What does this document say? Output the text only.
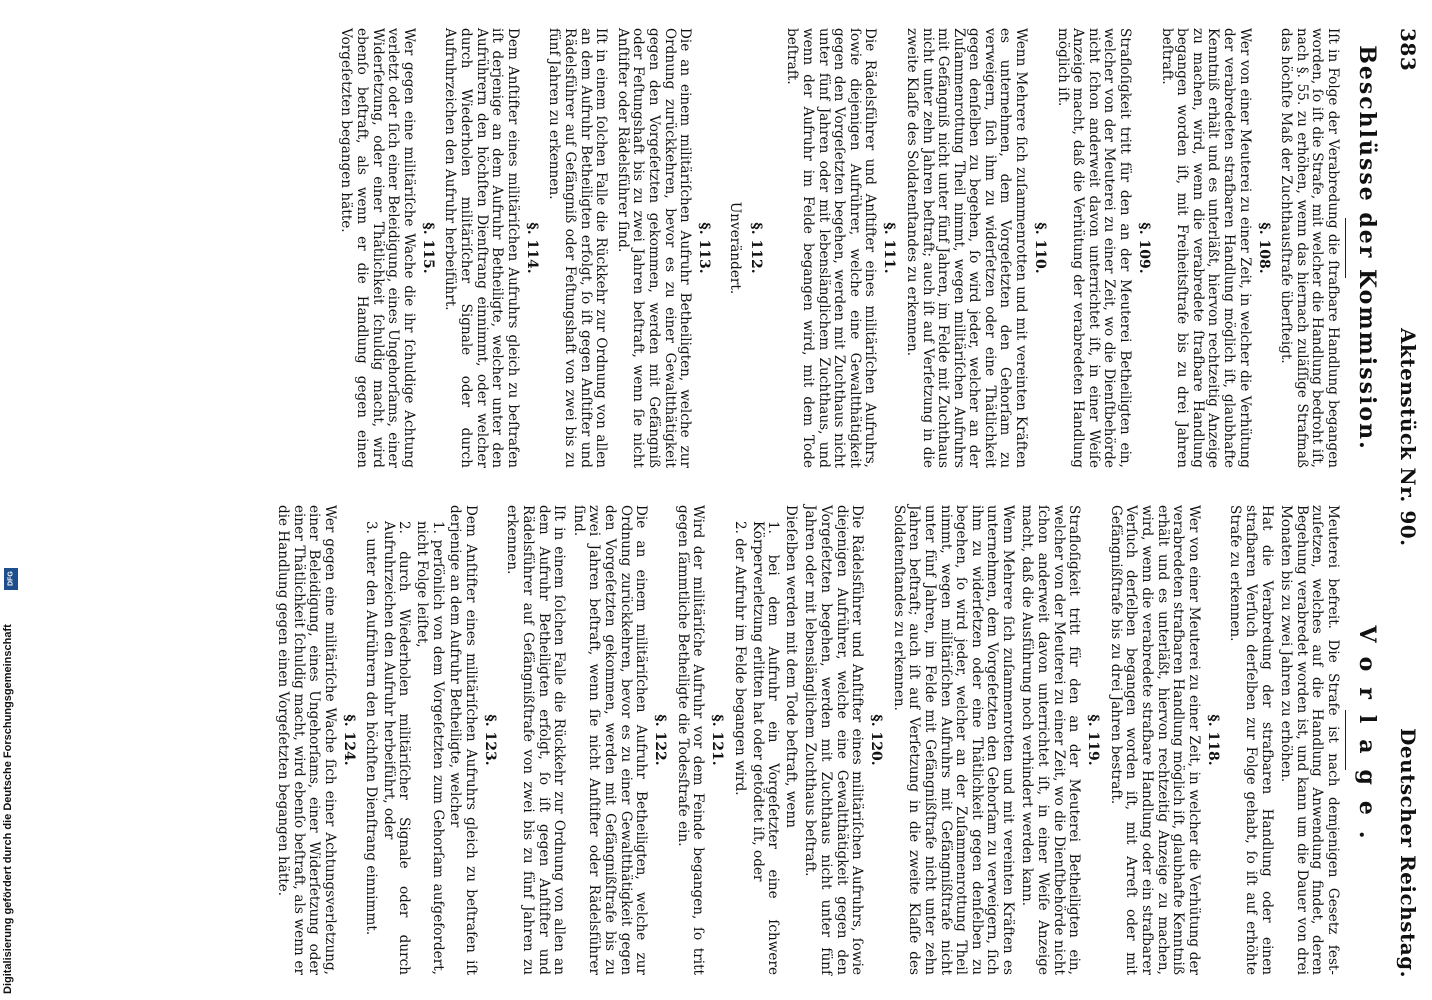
383
Aktenstück Nr. 90.
Deutscher Reichstag.
Beschlüsse der Kommission.
Vorlage.

Iſt in Folge der Verabredung die ſtrafbare Handlung begangen worden, ſo iſt die Strafe, mit welcher die Handlung bedroht iſt, nach §. 55. zu erhöhen, wenn das hiernach zuläſſige Strafmaß das höchſte Maß der Zuchthausſtrafe überſteigt.

§. 108.

Wer von einer Meuterei zu einer Zeit, in welcher die Verhütung der verabredeten strafbaren Handlung möglich iſt, glaubhafte Kenntniß erhält und es unterläßt, hiervon rechtzeitig Anzeige zu machen, wird, wenn die verabredete ſtrafbare Handlung begangen worden iſt, mit Freiheitsſtrafe bis zu drei Jahren beſtraft.

§. 109.

Strafloſigkeit tritt für den an der Meuterei Betheiligten ein, welcher von der Meuterei zu einer Zeit, wo die Dienſtbehörde nicht ſchon anderweit davon unterrichtet iſt, in einer Weiſe Anzeige macht, daß die Verhütung der verabredeten Handlung möglich iſt.

§. 110.

Wenn Mehrere ſich zuſammenrotten und mit vereinten Kräften es unternehmen, dem Vorgeſetzten den Gehorſam zu verweigern, ſich ihm zu widerſetzen oder eine Thätlichkeit gegen denſelben zu begehen, ſo wird jeder, welcher an der Zuſammenrottung Theil nimmt, wegen militäriſchen Aufruhrs mit Gefängniß nicht unter fünf Jahren, im Felde mit Zuchthaus nicht unter zehn Jahren beſtraft; auch iſt auf Verſetzung in die zweite Klaſſe des Soldatenſtandes zu erkennen.

§. 111.

Die Rädelsführer und Anſtifter eines militäriſchen Aufruhrs, ſowie diejenigen Aufrührer, welche eine Gewaltthätigkeit gegen den Vorgeſetzten begehen, werden mit Zuchthaus nicht unter fünf Jahren oder mit lebenslänglichem Zuchthaus, und wenn der Aufruhr im Felde begangen wird, mit dem Tode beſtraft.

§. 112.
Unverändert.
§. 113.

Die an einem militäriſchen Aufruhr Betheiligten, welche zur Ordnung zurückkehren, bevor es zu einer Gewaltthätigkeit gegen den Vorgeſetzten gekommen, werden mit Gefängniß oder Feſtungshaft bis zu zwei Jahren beſtraft, wenn ſie nicht Anſtifter oder Rädelsführer ſind.

Iſt in einem ſolchen Falle die Rückkehr zur Ordnung von allen an dem Aufruhr Betheiligten erfolgt, ſo iſt gegen Anſtifter und Rädelsführer auf Gefängniß oder Feſtungshaft von zwei bis zu fünf Jahren zu erkennen.

§. 114.

Dem Anſtifter eines militäriſchen Aufruhrs gleich zu beſtrafen iſt derjenige an dem Aufruhr Betheiligte, welcher unter den Aufrührern den höchſten Dienſtrang einnimmt, oder welcher durch Wiederholen militäriſcher Signale oder durch Aufruhrzeichen den Aufruhr herbeiführt.

§. 115.

Wer gegen eine militäriſche Wache die ihr ſchuldige Achtung verletzt oder ſich einer Beleidigung, eines Ungehorſams, einer Widerſetzung, oder einer Thätlichkeit ſchuldig macht, wird ebenſo beſtraft, als wenn er die Handlung gegen einen Vorgeſetzten begangen hätte.

Meuterei befreit. Die Strafe ist nach demjenigen Gesetz fest- zuſetzen, welches auf die Handlung Anwendung findet, deren Begehung verabredet worden ist, und kann um die Dauer von drei Monaten bis zu zwei Jahren zu erhöhen.

Hat die Verabredung der strafbaren Handlung oder einen strafbaren Verſuch derſelben zur Folge gehabt, ſo iſt auf erhöhte Strafe zu erkennen.

§. 118.

Wer von einer Meuterei zu einer Zeit, in welcher die Verhütung der verabredeten strafbaren Handlung möglich iſt, glaubhafte Kenntniß erhält und es unterläßt, hiervon rechtzeitig Anzeige zu machen, wird, wenn die verabredete strafbare Handlung oder ein strafbarer Verſuch derſelben begangen worden iſt, mit Arreſt oder mit Gefängnißſtrafe bis zu drei Jahren bestraft.

§. 119.

Strafloſigkeit tritt für den an der Meuterei Betheiligten ein, welcher von der Meuterei zu einer Zeit, wo die Dienſtbehörde nicht ſchon anderweit davon unterrichtet iſt, in einer Weiſe Anzeige macht, daß die Ausführung noch verhindert werden kann.

Wenn Mehrere ſich zuſammenrotten und mit vereinten Kräften es unternehmen, dem Vorgeſetzten den Gehorſam zu verweigern, ſich ihm zu widerſetzen oder eine Thätlichkeit gegen denſelben zu begehen, ſo wird jeder, welcher an der Zuſammenrottung Theil nimmt, wegen militäriſchen Aufruhrs mit Gefängnißſtrafe nicht unter fünf Jahren, im Felde mit Gefängnißſtrafe nicht unter zehn Jahren beſtraft; auch iſt auf Verſetzung in die zweite Klaſſe des Soldatenſtandes zu erkennen.

§. 120.

Die Rädelsführer und Anſtifter eines militäriſchen Aufruhrs, ſowie diejenigen Aufrührer, welche eine Gewaltthätigkeit gegen den Vorgeſetzten begehen, werden mit Zuchthaus nicht unter fünf Jahren oder mit lebenslänglichem Zuchthaus beſtraft.

Dieſelben werden mit dem Tode beſtraft, wenn

1. bei dem Aufruhr ein Vorgeſetzter eine ſchwere Körperverletzung erlitten hat oder getödtet iſt, oder

2. der Aufruhr im Felde begangen wird.

§. 121.

Wird der militäriſche Aufruhr vor dem Feinde begangen, ſo tritt gegen ſämmtliche Betheiligte die Todesſtrafe ein.

§. 122.

Die an einem militäriſchen Aufruhr Betheiligten, welche zur Ordnung zurückkehren, bevor es zu einer Gewaltthätigkeit gegen den Vorgeſetzten gekommen, werden mit Gefängnißſtrafe bis zu zwei Jahren beſtraft, wenn ſie nicht Anſtifter oder Rädelsführer ſind.

Iſt in einem ſolchen Falle die Rückkehr zur Ordnung von allen an dem Aufruhr Betheiligten erfolgt, ſo iſt gegen Anſtifter und Rädelsführer auf Gefängnißſtrafe von zwei bis zu fünf Jahren zu erkennen.

§. 123.

Dem Anſtifter eines militäriſchen Aufruhrs gleich zu beſtrafen iſt derjenige an dem Aufruhr Betheiligte, welcher

1. perſönlich von dem Vorgeſetzten zum Gehorſam aufgefordert, nicht Folge leiſtet,

2. durch Wiederholen militäriſcher Signale oder durch Aufruhrzeichen den Aufruhr herbeiführt, oder

3. unter den Aufrührern den höchſten Dienſtrang einnimmt.

§. 124.

Wer gegen eine militäriſche Wache ſich einer Achtungsverletzung, einer Beleidigung, eines Ungehorſams, einer Widerſetzung oder einer Thätlichkeit ſchuldig macht, wird ebenſo beſtraft, als wenn er die Handlung gegen einen Vorgeſetzten begangen hätte.

DFG
Digitalisierung gefördert durch die Deutsche Forschungsgemeinschaft
